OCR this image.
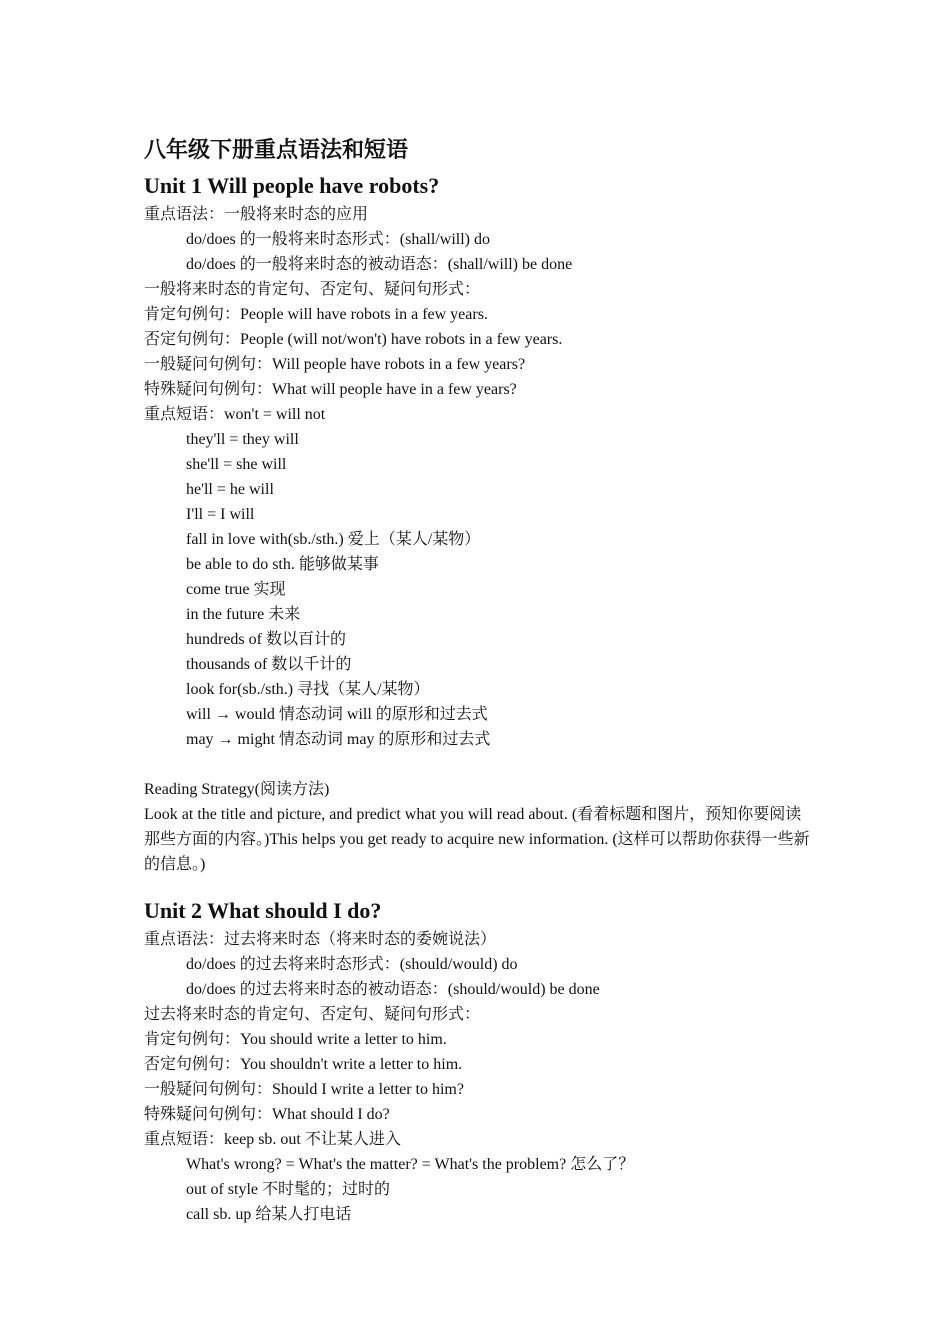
八年级下册重点语法和短语
Unit 1 Will people have robots?
重点语法：一般将来时态的应用
do/does 的一般将来时态形式：(shall/will) do
do/does 的一般将来时态的被动语态：(shall/will) be done
一般将来时态的肯定句、否定句、疑问句形式：
肯定句例句：People will have robots in a few years.
否定句例句：People (will not/won't) have robots in a few years.
一般疑问句例句：Will people have robots in a few years?
特殊疑问句例句：What will people have in a few years?
重点短语：won't = will not
they'll = they will
she'll = she will
he'll = he will
I'll = I will
fall in love with(sb./sth.) 爱上（某人/某物）
be able to do sth. 能够做某事
come true 实现
in the future 未来
hundreds of 数以百计的
thousands of 数以千计的
look for(sb./sth.) 寻找（某人/某物）
will → would 情态动词 will 的原形和过去式
may → might 情态动词 may 的原形和过去式
Reading Strategy(阅读方法)
Look at the title and picture, and predict what you will read about. (看着标题和图片，预知你要阅读那些方面的内容。)This helps you get ready to acquire new information. (这样可以帮助你获得一些新的信息。)
Unit 2 What should I do?
重点语法：过去将来时态（将来时态的委婉说法）
do/does 的过去将来时态形式：(should/would) do
do/does 的过去将来时态的被动语态：(should/would) be done
过去将来时态的肯定句、否定句、疑问句形式：
肯定句例句：You should write a letter to him.
否定句例句：You shouldn't write a letter to him.
一般疑问句例句：Should I write a letter to him?
特殊疑问句例句：What should I do?
重点短语：keep sb. out 不让某人进入
What's wrong? = What's the matter? = What's the problem? 怎么了？
out of style 不时髦的；过时的
call sb. up 给某人打电话
